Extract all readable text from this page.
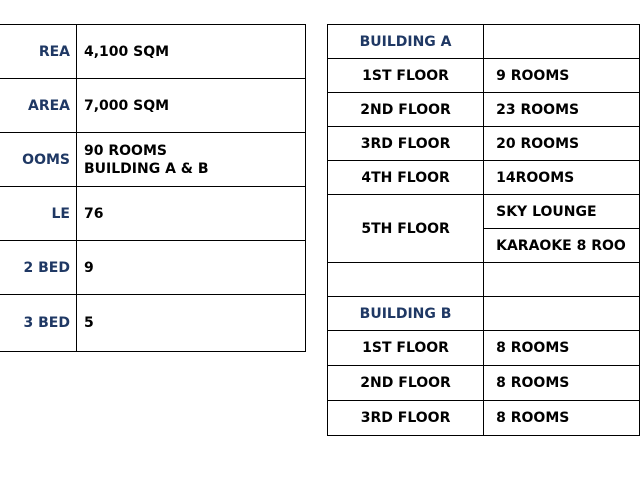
REA	4,100 SQM
AREA	7,000 SQM
OOMS	90 ROOMS
BUILDING A & B

LE	76
2 BED	9
3 BED	5
BUILDING A	
1ST FLOOR	9 ROOMS
2ND FLOOR	23 ROOMS
3RD FLOOR	20 ROOMS
4TH FLOOR	14ROOMS
5TH FLOOR	SKY LOUNGE
	KARAOKE 8 ROO

BUILDING B	
1ST FLOOR	8 ROOMS
2ND FLOOR	8 ROOMS
3RD FLOOR	8 ROOMS
